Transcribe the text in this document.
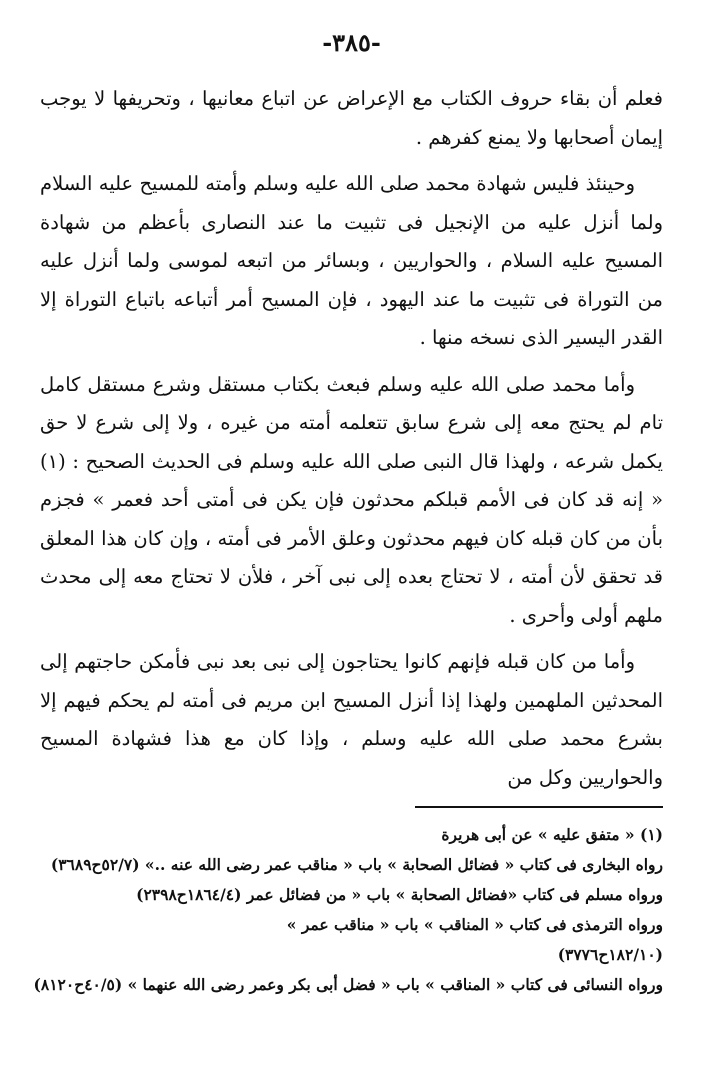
-٣٨٥-

فعلم أن بقاء حروف الكتاب مع الإعراض عن اتباع معانيها ، وتحريفها لا يوجب إيمان أصحابها ولا يمنع كفرهم .

وحينئذ فليس شهادة محمد صلى الله عليه وسلم وأمته للمسيح عليه السلام ولما أنزل عليه من الإنجيل فى تثبيت ما عند النصارى بأعظم من شهادة المسيح عليه السلام ، والحواريين ، وبسائر من اتبعه لموسى ولما أنزل عليه من التوراة فى تثبيت ما عند اليهود ، فإن المسيح أمر أتباعه باتباع التوراة إلا القدر اليسير الذى نسخه منها .

وأما محمد صلى الله عليه وسلم فبعث بكتاب مستقل وشرع مستقل كامل تام لم يحتج معه إلى شرع سابق تتعلمه أمته من غيره ، ولا إلى شرع لا حق يكمل شرعه ، ولهذا قال النبى صلى الله عليه وسلم فى الحديث الصحيح : (١) « إنه قد كان فى الأمم قبلكم محدثون فإن يكن فى أمتى أحد فعمر » فجزم بأن من كان قبله كان فيهم محدثون وعلق الأمر فى أمته ، وإن كان هذا المعلق قد تحقق لأن أمته ، لا تحتاج بعده إلى نبى آخر ، فلأن لا تحتاج معه إلى محدث ملهم أولى وأحرى .

وأما من كان قبله فإنهم كانوا يحتاجون إلى نبى بعد نبى فأمكن حاجتهم إلى المحدثين الملهمين ولهذا إذا أنزل المسيح ابن مريم فى أمته لم يحكم فيهم إلا بشرع محمد صلى الله عليه وسلم ، وإذا كان مع هذا فشهادة المسيح والحواريين وكل من

(١) « متفق عليه » عن أبى هريرة
رواه البخارى فى كتاب « فضائل الصحابة » باب « مناقب عمر رضى الله عنه ..» (٥٢/٧ح٣٦٨٩)
ورواه مسلم فى كتاب «فضائل الصحابة » باب « من فضائل عمر (١٨٦٤/٤ح٢٣٩٨)
ورواه الترمذى فى كتاب « المناقب » باب « مناقب عمر »
(١٨٢/١٠ح٣٧٧٦)
ورواه النسائى فى كتاب « المناقب » باب « فضل أبى بكر وعمر رضى الله عنهما » (٤٠/٥ح٨١٢٠)
